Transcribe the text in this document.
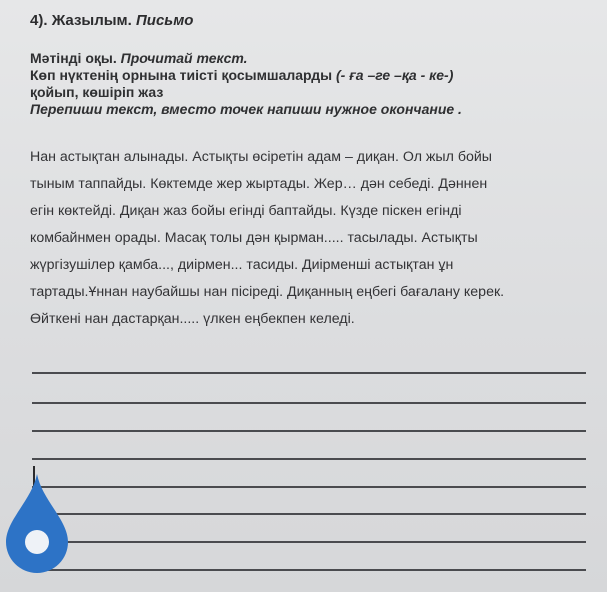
4). Жазылым. Письмо
Мәтінді оқы. Прочитай текст.
Көп нүктенің орнына тиісті қосымшаларды (- ға –ге –қа - ке-)
қойып, көшіріп жаз
Перепиши текст, вместо точек напиши нужное окончание .
Нан астықтан алынады. Астықты өсіретін адам – диқан. Ол жыл бойы
тыным таппайды. Көктемде жер жыртады. Жер… дән себеді. Дәннен
егін көктейді. Диқан жаз бойы егінді баптайды. Күзде піскен егінді
комбайнмен орады. Масақ толы дән қырман..... тасылады. Астықты
жүргізушілер қамба..., диірмен... тасиды. Диірменші астықтан ұн
тартады.Ұннан наубайшы нан пісіреді. Диқанның еңбегі бағалану керек.
Өйткені нан дастарқан..... үлкен еңбекпен келеді.
